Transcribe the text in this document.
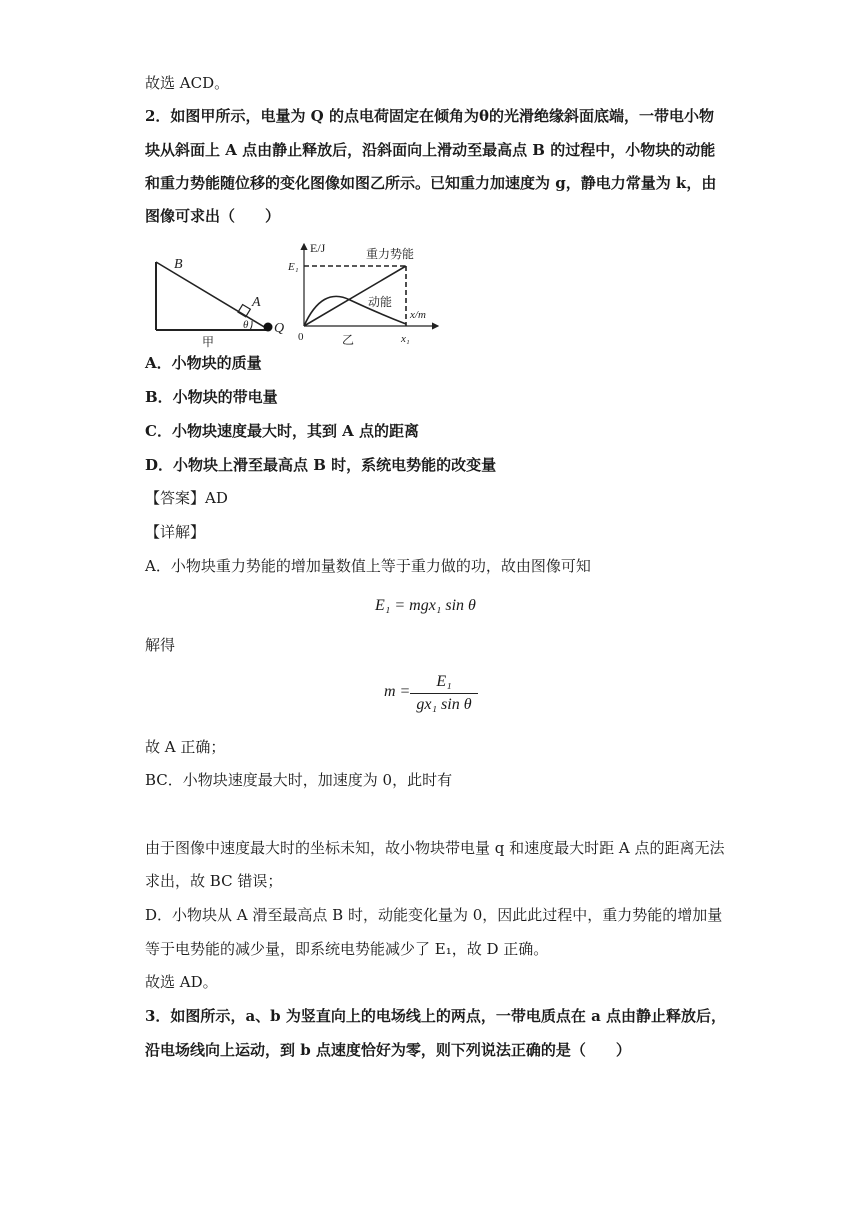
故选 ACD。
2．如图甲所示，电量为 Q 的点电荷固定在倾角为θ的光滑绝缘斜面底端，一带电小物
块从斜面上 A 点由静止释放后，沿斜面向上滑动至最高点 B 的过程中，小物块的动能
和重力势能随位移的变化图像如图乙所示。已知重力加速度为 g，静电力常量为 k，由
图像可求出（　　）
B
A
θ Q
甲
E/J
E₁
0
x/m
x₁
重力势能
动能
乙
A．小物块的质量
B．小物块的带电量
C．小物块速度最大时，其到 A 点的距离
D．小物块上滑至最高点 B 时，系统电势能的改变量
【答案】AD
【详解】
A．小物块重力势能的增加量数值上等于重力做的功，故由图像可知
E₁ = mgx₁ sin θ
解得
m =
E₁
gx₁ sin θ
故 A 正确；
BC．小物块速度最大时，加速度为 0，此时有
由于图像中速度最大时的坐标未知，故小物块带电量 q 和速度最大时距 A 点的距离无法
求出，故 BC 错误；
D．小物块从 A 滑至最高点 B 时，动能变化量为 0，因此此过程中，重力势能的增加量
等于电势能的减少量，即系统电势能减少了 E₁，故 D 正确。
故选 AD。
3．如图所示，a、b 为竖直向上的电场线上的两点，一带电质点在 a 点由静止释放后，
沿电场线向上运动，到 b 点速度恰好为零，则下列说法正确的是（　　）
